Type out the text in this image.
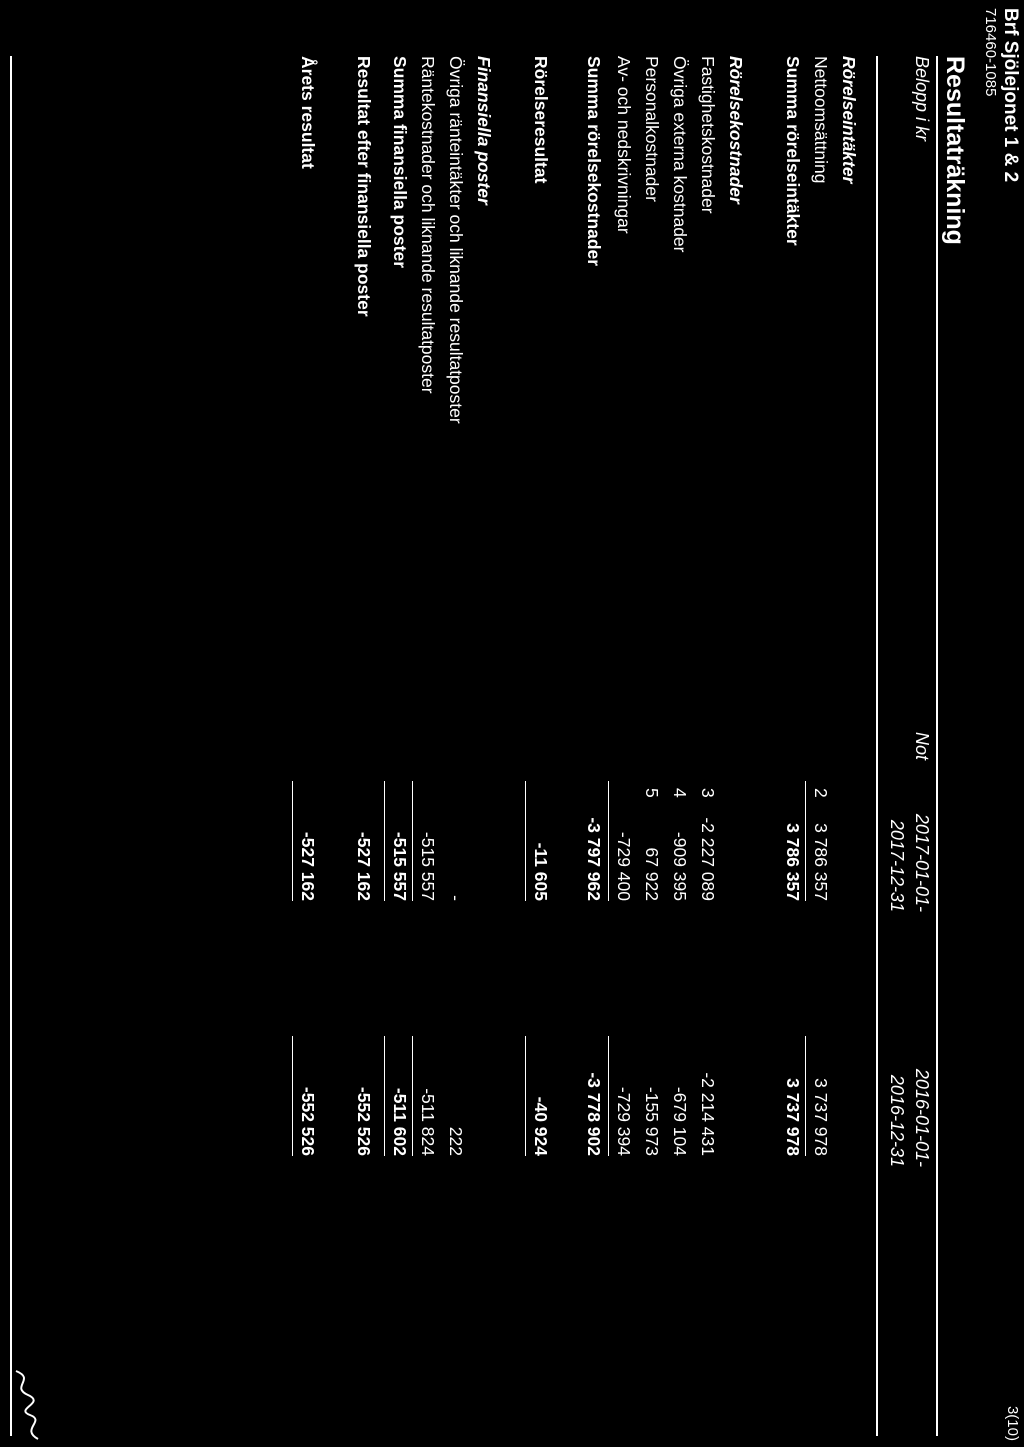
Brf Sjölejonet 1 & 2
716460-1085
3(10)
Resultaträkning
Belopp i kr
Not
2017-01-01-
2017-12-31
2016-01-01-
2016-12-31
Rörelseintäkter
Nettoomsättning
2
3 786 357
3 737 978
Summa rörelseintäkter
3 786 357
3 737 978
Rörelsekostnader
Fastighetskostnader
3
-2 227 089
-2 214 431
Övriga externa kostnader
4
-909 395
-679 104
Personalkostnader
5
67 922
-155 973
Av- och nedskrivningar
-729 400
-729 394
Summa rörelsekostnader
-3 797 962
-3 778 902
Rörelseresultat
-11 605
-40 924
Finansiella poster
Övriga ränteintäkter och liknande resultatposter
-
222
Räntekostnader och liknande resultatposter
-515 557
-511 824
Summa finansiella poster
-515 557
-511 602
Resultat efter finansiella poster
-527 162
-552 526
Årets resultat
-527 162
-552 526
